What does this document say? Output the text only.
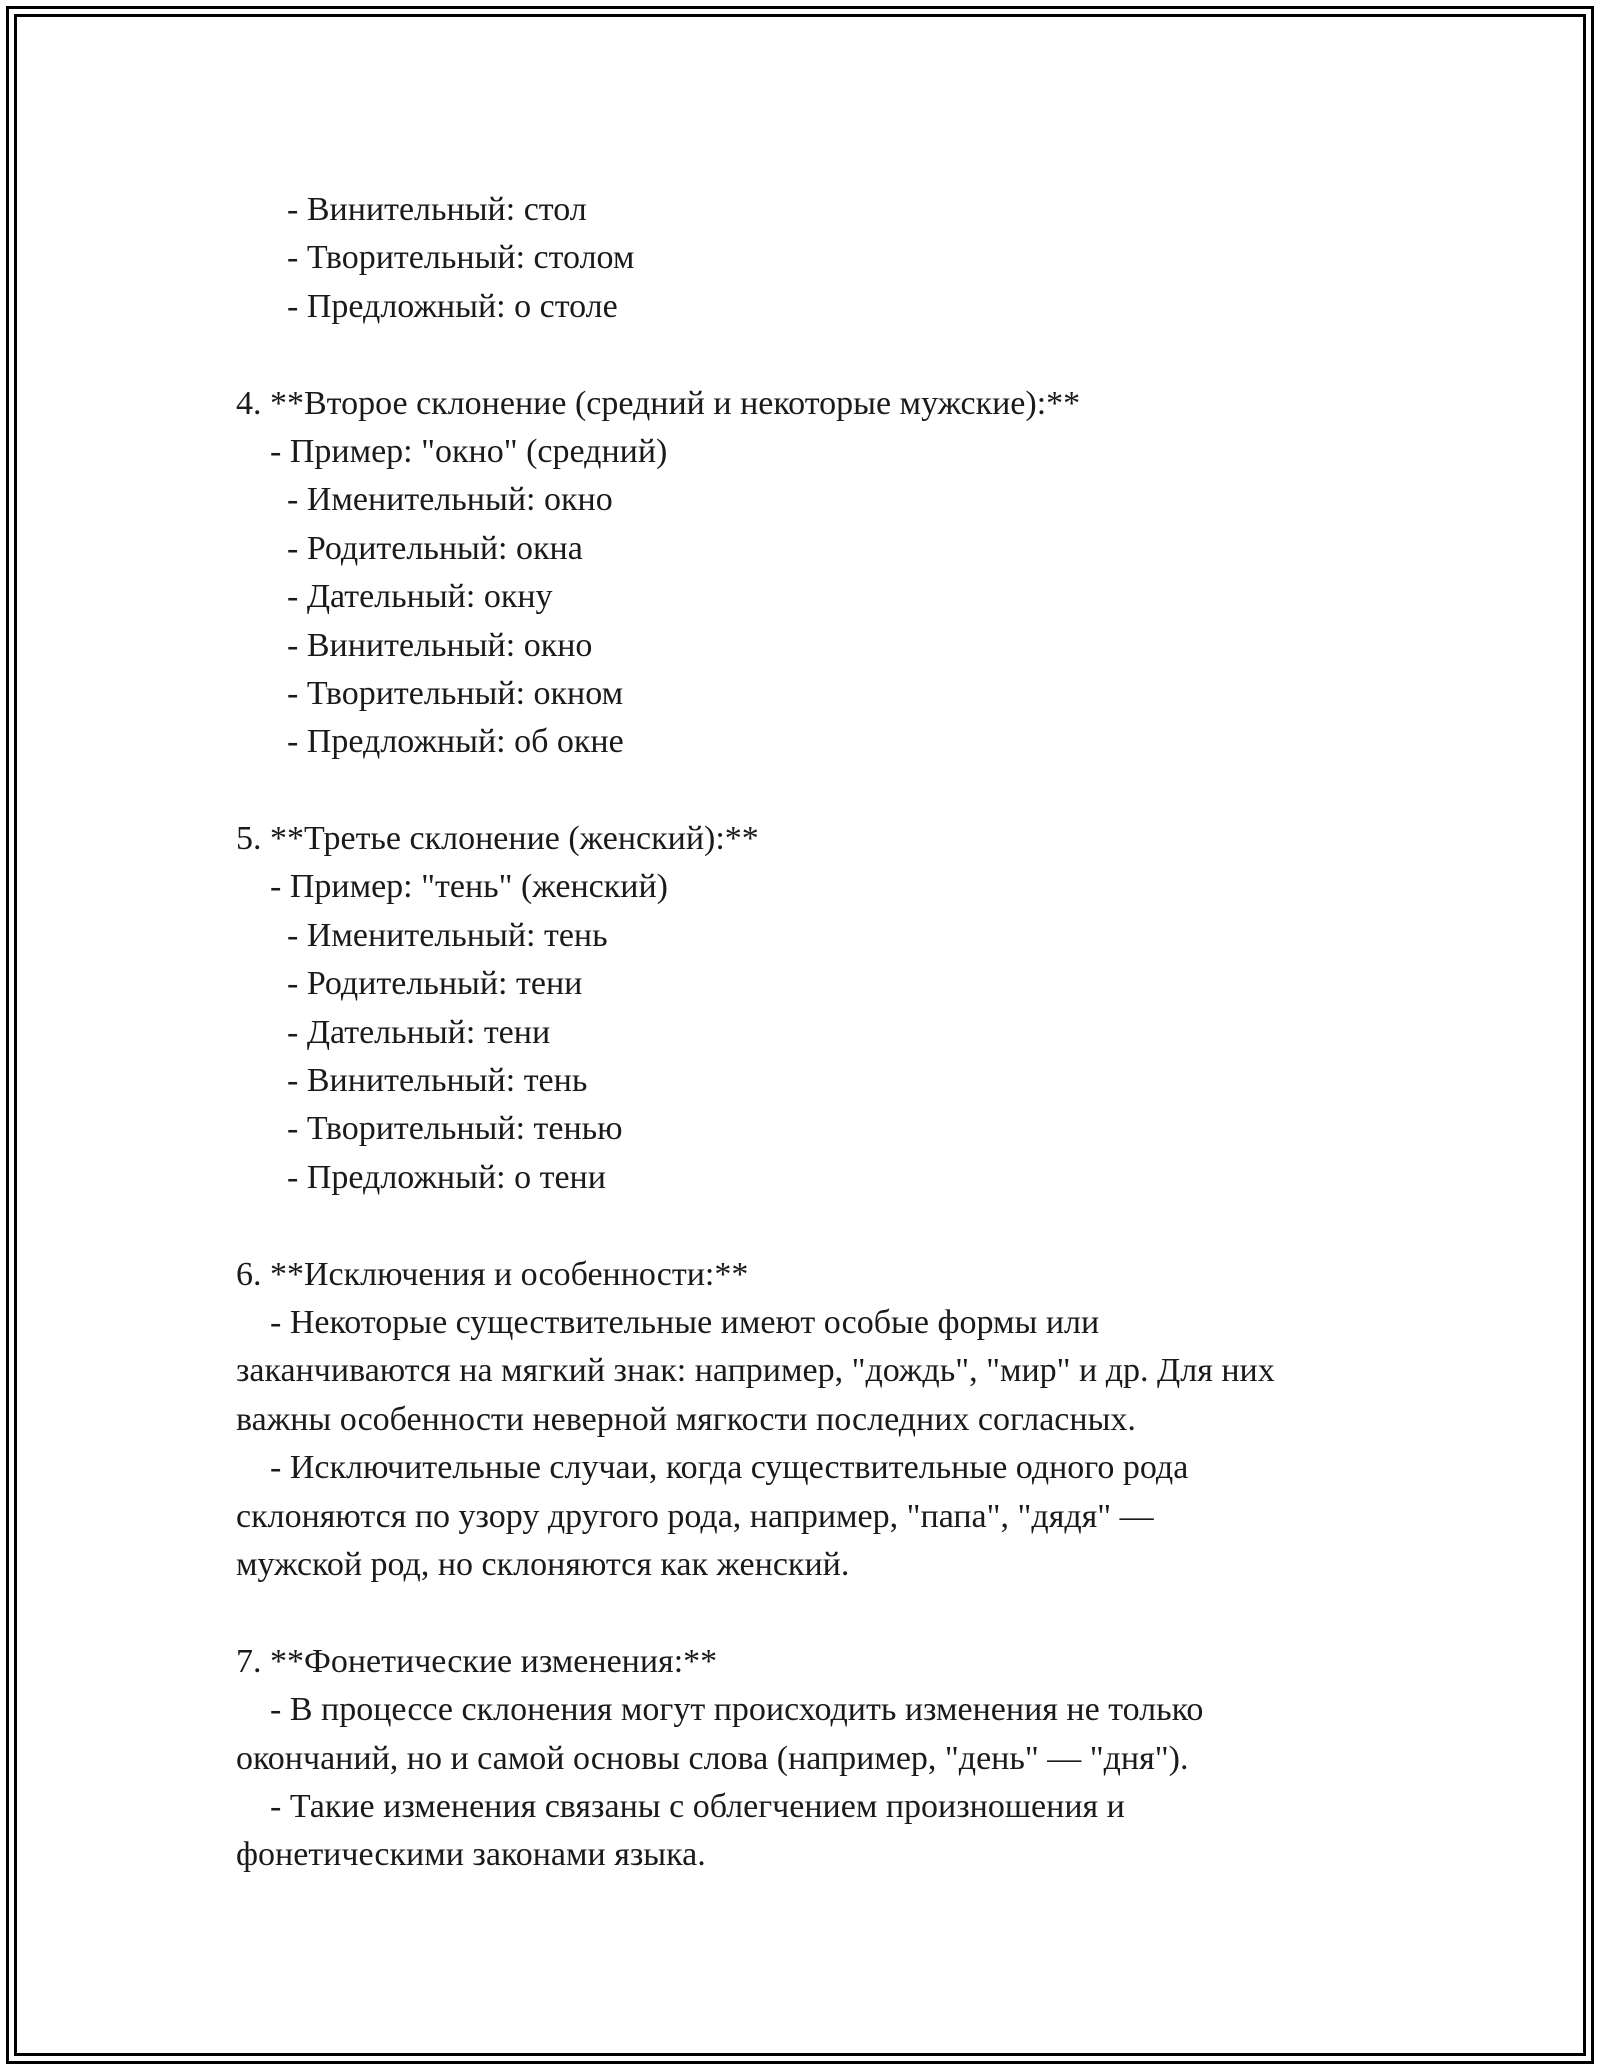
- Винительный: стол
- Творительный: столом
- Предложный: о столе
4. **Второе склонение (средний и некоторые мужские):**
- Пример: "окно" (средний)
- Именительный: окно
- Родительный: окна
- Дательный: окну
- Винительный: окно
- Творительный: окном
- Предложный: об окне
5. **Третье склонение (женский):**
- Пример: "тень" (женский)
- Именительный: тень
- Родительный: тени
- Дательный: тени
- Винительный: тень
- Творительный: тенью
- Предложный: о тени
6. **Исключения и особенности:**
- Некоторые существительные имеют особые формы или
заканчиваются на мягкий знак: например, "дождь", "мир" и др. Для них
важны особенности неверной мягкости последних согласных.
- Исключительные случаи, когда существительные одного рода
склоняются по узору другого рода, например, "папа", "дядя" —
мужской род, но склоняются как женский.
7. **Фонетические изменения:**
- В процессе склонения могут происходить изменения не только
окончаний, но и самой основы слова (например, "день" — "дня").
- Такие изменения связаны с облегчением произношения и
фонетическими законами языка.
